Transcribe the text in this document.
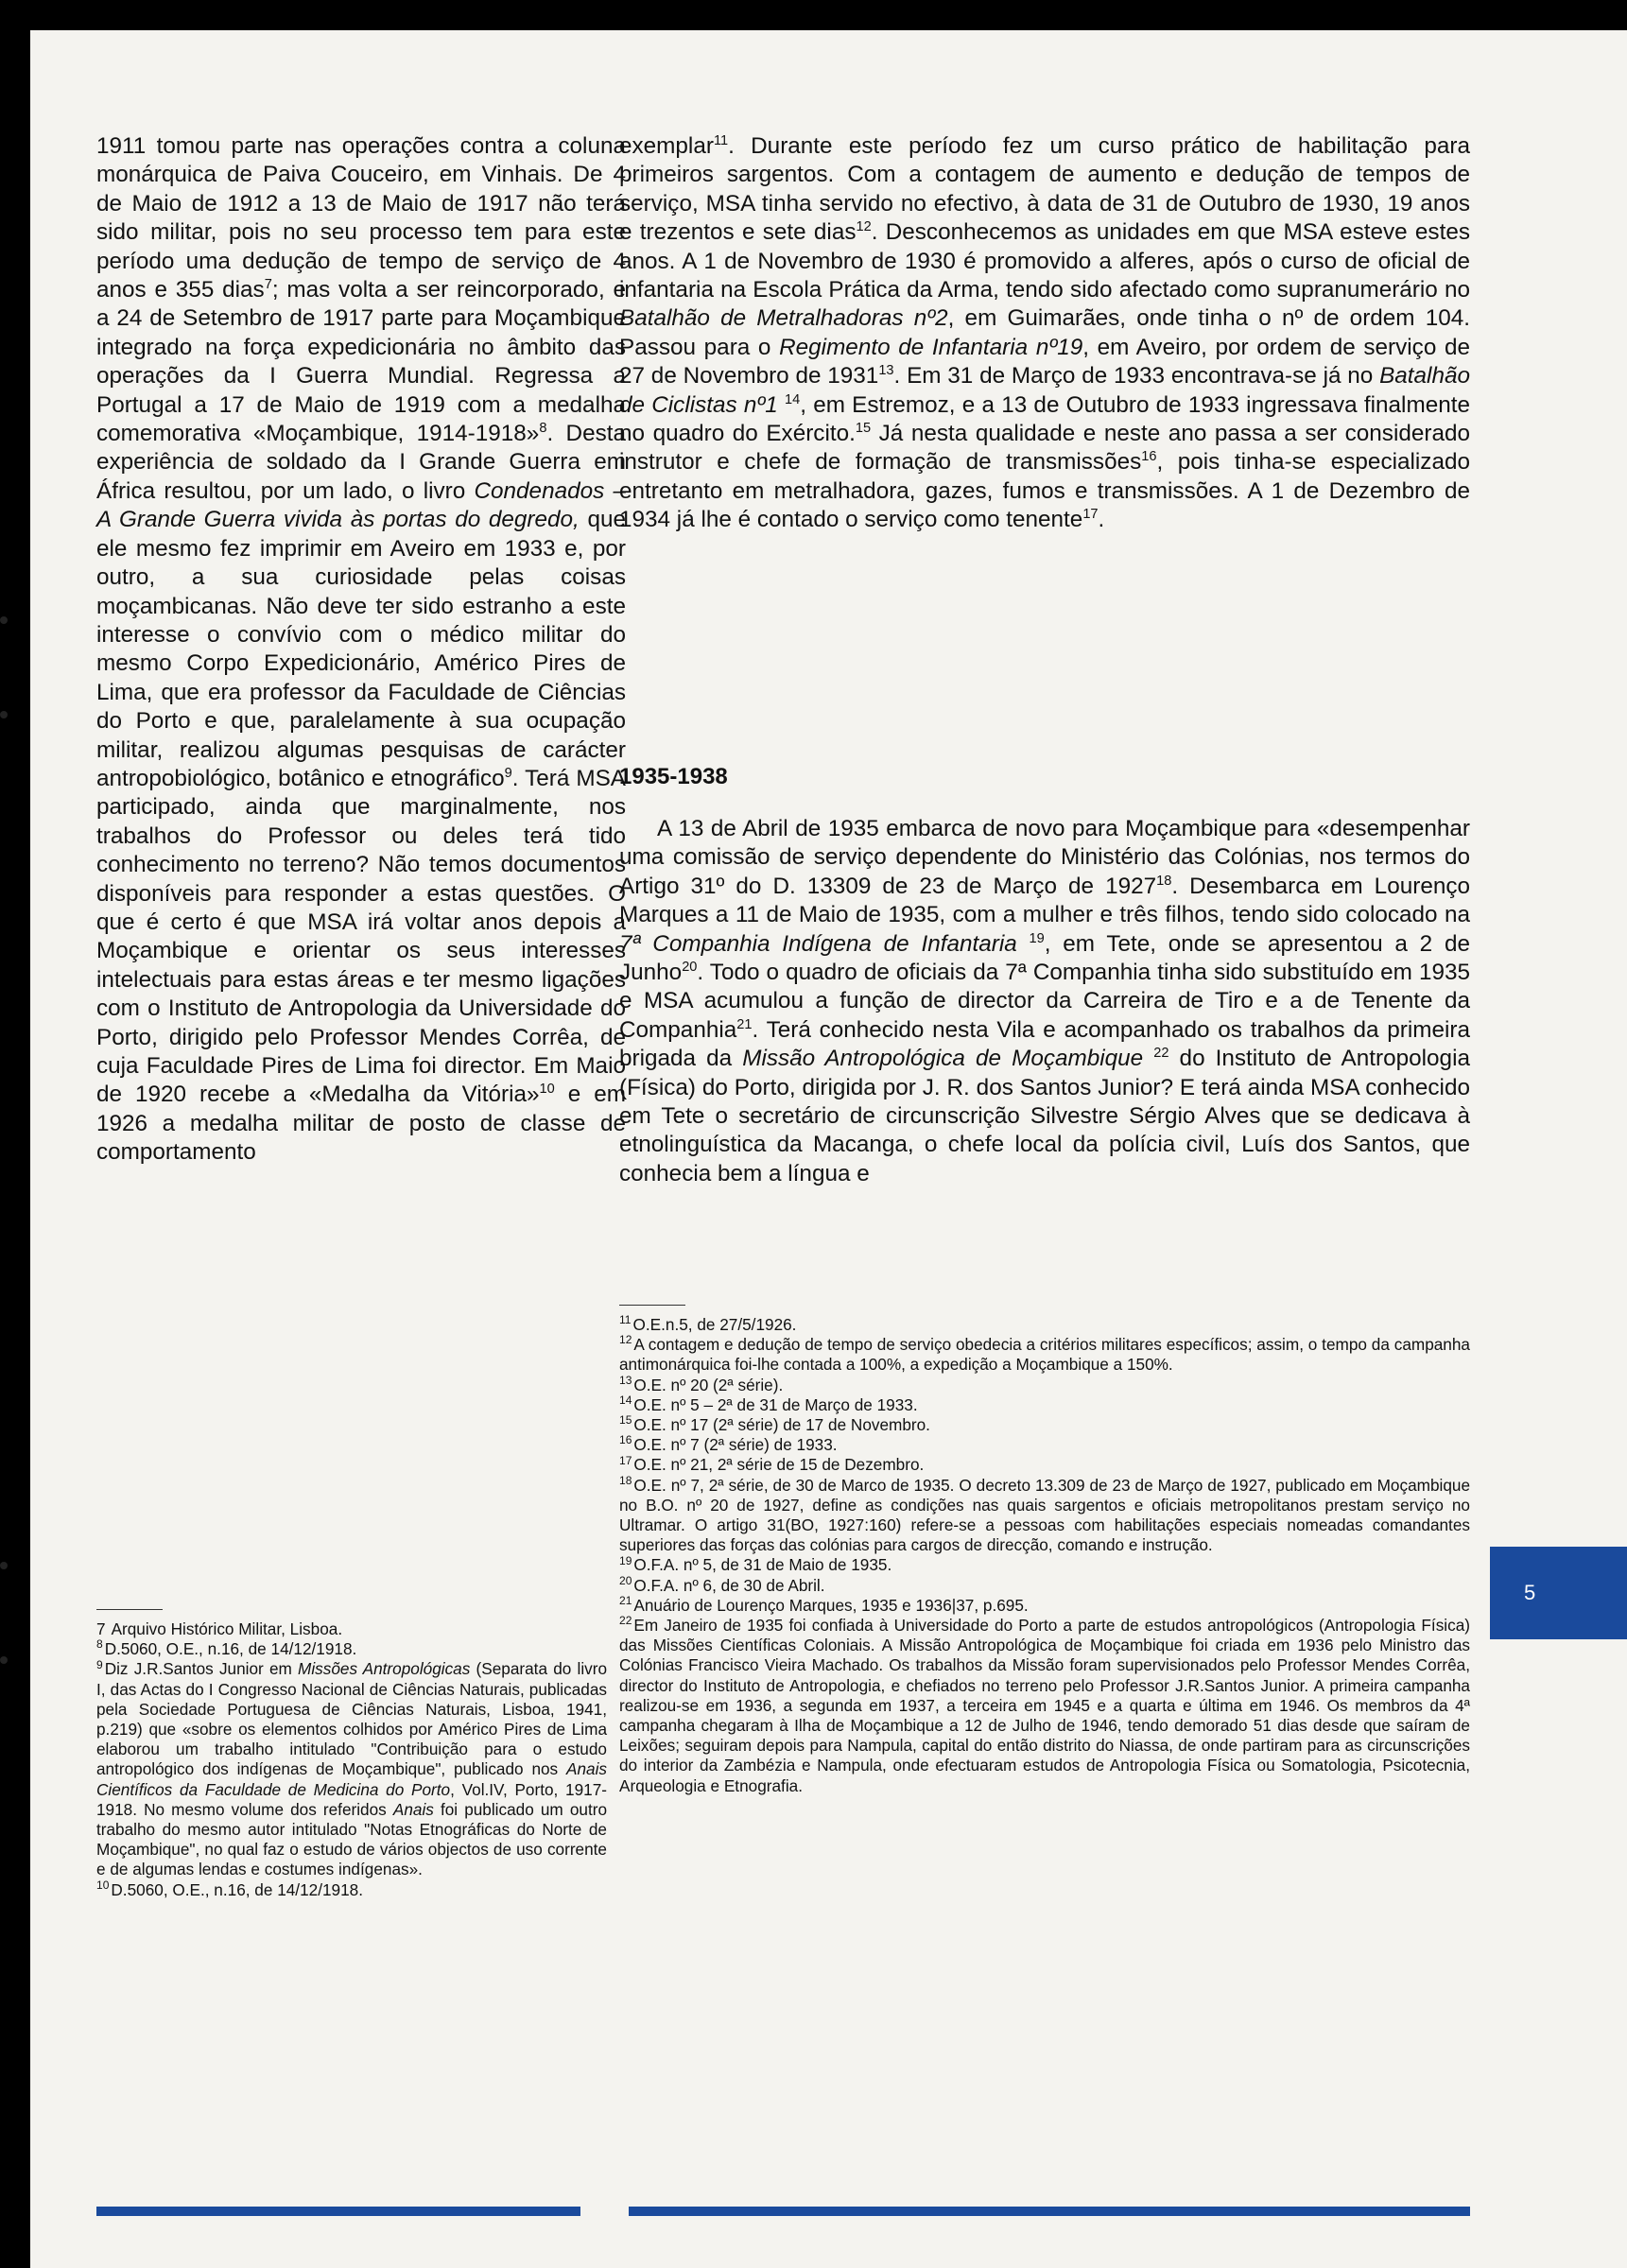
1911 tomou parte nas operações contra a coluna monárquica de Paiva Couceiro, em Vinhais. De 4 de Maio de 1912 a 13 de Maio de 1917 não terá sido militar, pois no seu processo tem para este período uma dedução de tempo de serviço de 4 anos e 355 dias$^7$; mas volta a ser reincorporado, e a 24 de Setembro de 1917 parte para Moçambique integrado na força expedicionária no âmbito das operações da I Guerra Mundial. Regressa a Portugal a 17 de Maio de 1919 com a medalha comemorativa «Moçambique, 1914-1918»$^8$. Desta experiência de soldado da I Grande Guerra em África resultou, por um lado, o livro Condenados – A Grande Guerra vivida às portas do degredo, que ele mesmo fez imprimir em Aveiro em 1933 e, por outro, a sua curiosidade pelas coisas moçambicanas. Não deve ter sido estranho a este interesse o convívio com o médico militar do mesmo Corpo Expedicionário, Américo Pires de Lima, que era professor da Faculdade de Ciências do Porto e que, paralelamente à sua ocupação militar, realizou algumas pesquisas de carácter antropobiológico, botânico e etnográfico$^9$. Terá MSA participado, ainda que marginalmente, nos trabalhos do Professor ou deles terá tido conhecimento no terreno? Não temos documentos disponíveis para responder a estas questões. O que é certo é que MSA irá voltar anos depois a Moçambique e orientar os seus interesses intelectuais para estas áreas e ter mesmo ligações com o Instituto de Antropologia da Universidade do Porto, dirigido pelo Professor Mendes Corrêa, de cuja Faculdade Pires de Lima foi director. Em Maio de 1920 recebe a «Medalha da Vitória»$^{10}$ e em 1926 a medalha militar de posto de classe de comportamento

exemplar$^{11}$. Durante este período fez um curso prático de habilitação para primeiros sargentos. Com a contagem de aumento e dedução de tempos de serviço, MSA tinha servido no efectivo, à data de 31 de Outubro de 1930, 19 anos e trezentos e sete dias$^{12}$. Desconhecemos as unidades em que MSA esteve estes anos. A 1 de Novembro de 1930 é promovido a alferes, após o curso de oficial de infantaria na Escola Prática da Arma, tendo sido afectado como supranumerário no Batalhão de Metralhadoras nº2, em Guimarães, onde tinha o nº de ordem 104. Passou para o Regimento de Infantaria nº19, em Aveiro, por ordem de serviço de 27 de Novembro de 1931$^{13}$. Em 31 de Março de 1933 encontrava-se já no Batalhão de Ciclistas nº1 $^{14}$, em Estremoz, e a 13 de Outubro de 1933 ingressava finalmente no quadro do Exército.$^{15}$ Já nesta qualidade e neste ano passa a ser considerado instrutor e chefe de formação de transmissões$^{16}$, pois tinha-se especializado entretanto em metralhadora, gazes, fumos e transmissões. A 1 de Dezembro de 1934 já lhe é contado o serviço como tenente$^{17}$.

1935-1938

A 13 de Abril de 1935 embarca de novo para Moçambique para «desempenhar uma comissão de serviço dependente do Ministério das Colónias, nos termos do Artigo 31º do D. 13309 de 23 de Março de 1927$^{18}$. Desembarca em Lourenço Marques a 11 de Maio de 1935, com a mulher e três filhos, tendo sido colocado na 7ª Companhia Indígena de Infantaria $^{19}$, em Tete, onde se apresentou a 2 de Junho$^{20}$. Todo o quadro de oficiais da 7ª Companhia tinha sido substituído em 1935 e MSA acumulou a função de director da Carreira de Tiro e a de Tenente da Companhia$^{21}$. Terá conhecido nesta Vila e acompanhado os trabalhos da primeira brigada da Missão Antropológica de Moçambique $^{22}$ do Instituto de Antropologia (Física) do Porto, dirigida por J. R. dos Santos Junior? E terá ainda MSA conhecido em Tete o secretário de circunscrição Silvestre Sérgio Alves que se dedicava à etnolinguística da Macanga, o chefe local da polícia civil, Luís dos Santos, que conhecia bem a língua e

7 Arquivo Histórico Militar, Lisboa.

$^8$ D.5060, O.E., n.16, de 14/12/1918.

$^9$ Diz J.R.Santos Junior em Missões Antropológicas (Separata do livro I, das Actas do I Congresso Nacional de Ciências Naturais, publicadas pela Sociedade Portuguesa de Ciências Naturais, Lisboa, 1941, p.219) que «sobre os elementos colhidos por Américo Pires de Lima elaborou um trabalho intitulado "Contribuição para o estudo antropológico dos indígenas de Moçambique", publicado nos Anais Científicos da Faculdade de Medicina do Porto, Vol.IV, Porto, 1917-1918. No mesmo volume dos referidos Anais foi publicado um outro trabalho do mesmo autor intitulado "Notas Etnográficas do Norte de Moçambique", no qual faz o estudo de vários objectos de uso corrente e de algumas lendas e costumes indígenas».

$^{10}$ D.5060, O.E., n.16, de 14/12/1918.

$^{11}$ O.E.n.5, de 27/5/1926.

$^{12}$ A contagem e dedução de tempo de serviço obedecia a critérios militares específicos; assim, o tempo da campanha antimonárquica foi-lhe contada a 100%, a expedição a Moçambique a 150%.

$^{13}$ O.E. nº 20 (2ª série).

$^{14}$ O.E. nº 5 – 2ª de 31 de Março de 1933.

$^{15}$ O.E. nº 17 (2ª série) de 17 de Novembro.

$^{16}$ O.E. nº 7 (2ª série) de 1933.

$^{17}$ O.E. nº 21, 2ª série de 15 de Dezembro.

$^{18}$ O.E. nº 7, 2ª série, de 30 de Marco de 1935. O decreto 13.309 de 23 de Março de 1927, publicado em Moçambique no B.O. nº 20 de 1927, define as condições nas quais sargentos e oficiais metropolitanos prestam serviço no Ultramar. O artigo 31(BO, 1927:160) refere-se a pessoas com habilitações especiais nomeadas comandantes superiores das forças das colónias para cargos de direcção, comando e instrução.

$^{19}$ O.F.A. nº 5, de 31 de Maio de 1935.

$^{20}$ O.F.A. nº 6, de 30 de Abril.

$^{21}$ Anuário de Lourenço Marques, 1935 e 1936|37, p.695.

$^{22}$ Em Janeiro de 1935 foi confiada à Universidade do Porto a parte de estudos antropológicos (Antropologia Física) das Missões Científicas Coloniais. A Missão Antropológica de Moçambique foi criada em 1936 pelo Ministro das Colónias Francisco Vieira Machado. Os trabalhos da Missão foram supervisionados pelo Professor Mendes Corrêa, director do Instituto de Antropologia, e chefiados no terreno pelo Professor J.R.Santos Junior. A primeira campanha realizou-se em 1936, a segunda em 1937, a terceira em 1945 e a quarta e última em 1946. Os membros da 4ª campanha chegaram à Ilha de Moçambique a 12 de Julho de 1946, tendo demorado 51 dias desde que saíram de Leixões; seguiram depois para Nampula, capital do então distrito do Niassa, de onde partiram para as circunscrições do interior da Zambézia e Nampula, onde efectuaram estudos de Antropologia Física ou Somatologia, Psicotecnia, Arqueologia e Etnografia.

5
